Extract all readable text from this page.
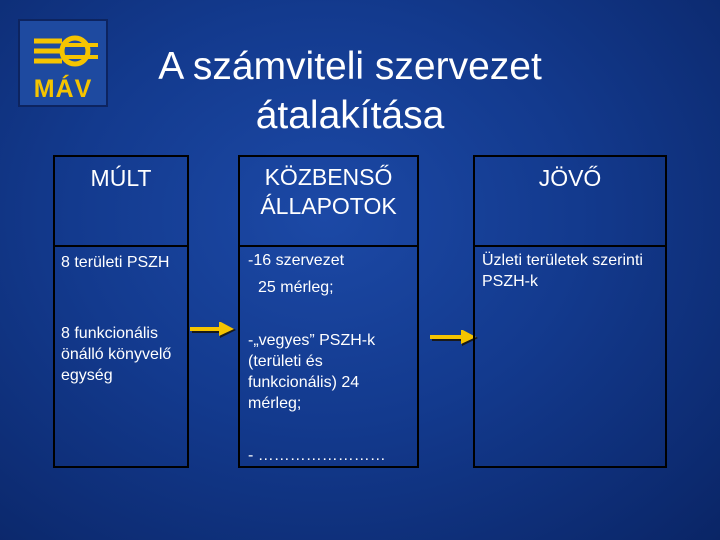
MÁV
A számviteli szervezet
átalakítása
MÚLT
8 területi PSZH
8 funkcionális önálló könyvelő egység
KÖZBENSŐ
ÁLLAPOTOK
-16 szervezet
25 mérleg;
-„vegyes” PSZH-k (területi és funkcionális) 24 mérleg;
- ……………………
JÖVŐ
Üzleti területek szerinti PSZH-k
